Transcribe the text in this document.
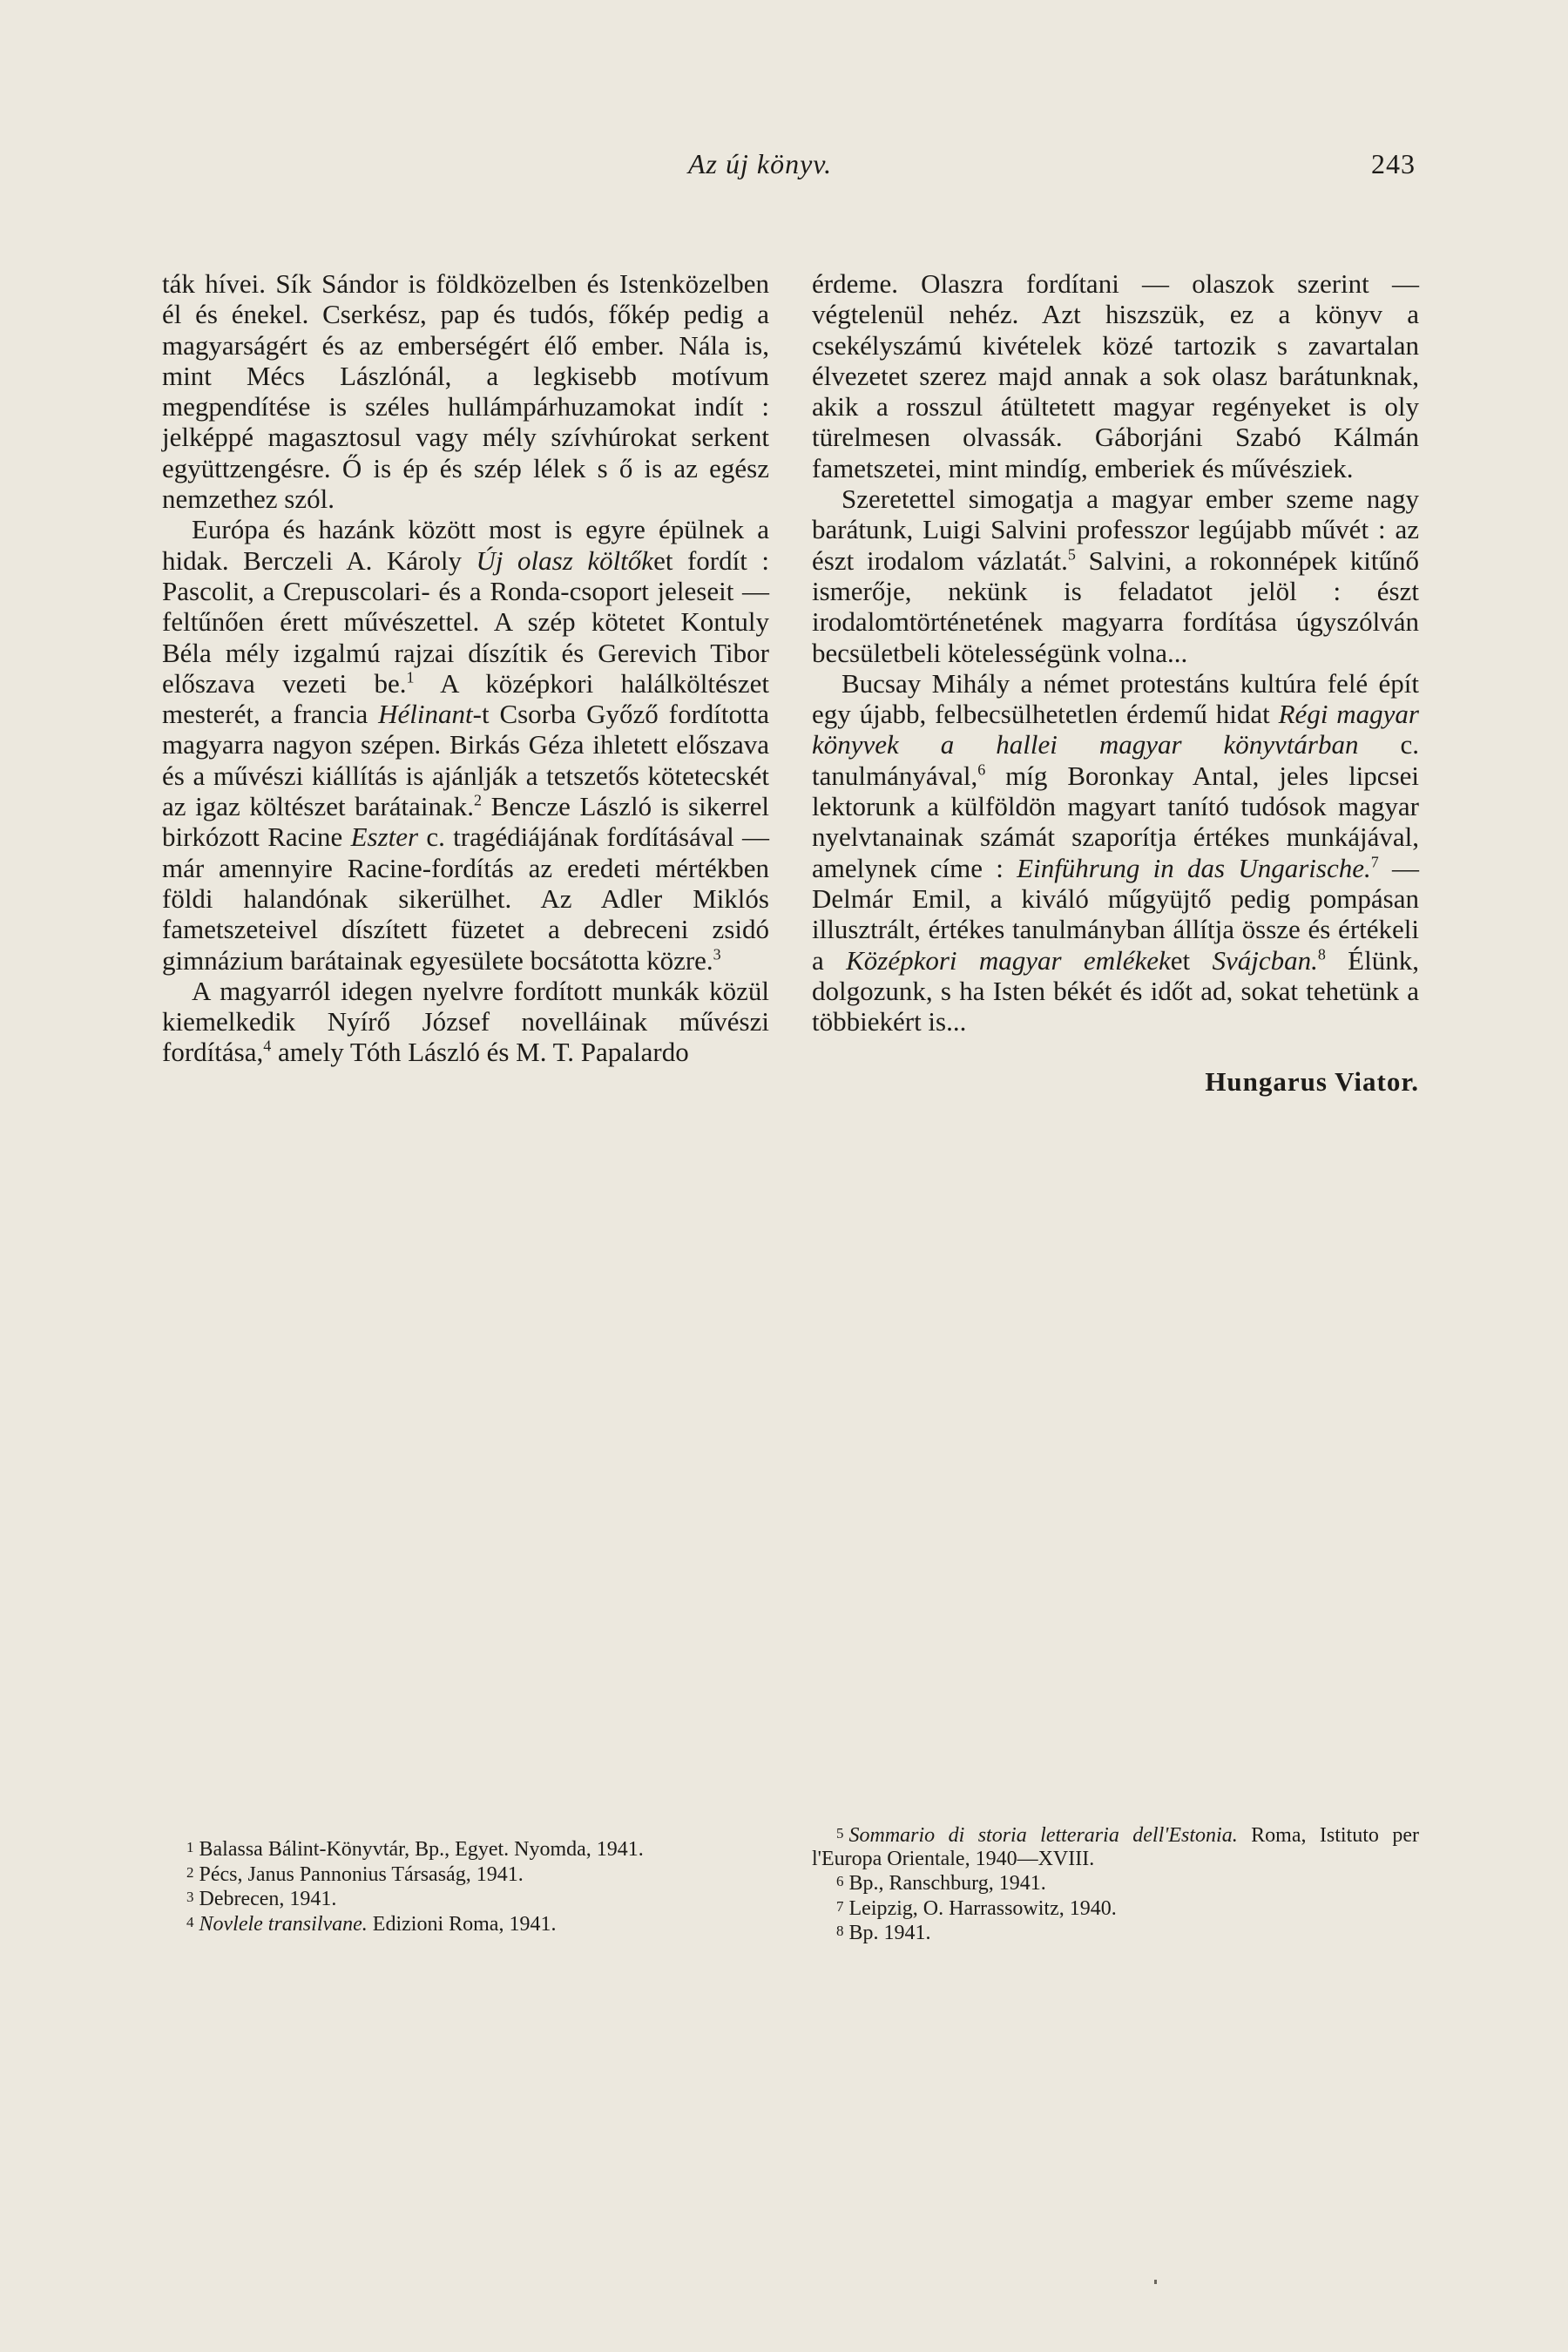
Az új könyv.	243

ták hívei. Sík Sándor is földközelben és Istenközelben él és énekel. Cserkész, pap és tudós, főkép pedig a magyarságért és az emberségért élő ember. Nála is, mint Mécs Lászlónál, a legkisebb motívum megpendítése is széles hullámpárhuzamokat indít : jelképpé magasztosul vagy mély szívhúrokat serkent együttzengésre. Ő is ép és szép lélek s ő is az egész nemzethez szól.

Európa és hazánk között most is egyre épülnek a hidak. Berczeli A. Károly Új olasz költőket fordít : Pascolit, a Crepuscolari- és a Ronda-csoport jeleseit — feltűnően érett művészettel. A szép kötetet Kontuly Béla mély izgalmú rajzai díszítik és Gerevich Tibor előszava vezeti be.$^1$ A középkori halálköltészet mesterét, a francia Hélinant-t Csorba Győző fordította magyarra nagyon szépen. Birkás Géza ihletett előszava és a művészi kiállítás is ajánlják a tetszetős kötetecskét az igaz költészet barátainak.$^2$ Bencze László is sikerrel birkózott Racine Eszter c. tragédiájának fordításával — már amennyire Racine-fordítás az eredeti mértékben földi halandónak sikerülhet. Az Adler Miklós fametszeteivel díszített füzetet a debreceni zsidó gimnázium barátainak egyesülete bocsátotta közre.$^3$

A magyarról idegen nyelvre fordított munkák közül kiemelkedik Nyírő József novelláinak művészi fordítása,$^4$ amely Tóth László és M. T. Papalardo

érdeme. Olaszra fordítani — olaszok szerint — végtelenül nehéz. Azt hiszszük, ez a könyv a csekélyszámú kivételek közé tartozik s zavartalan élvezetet szerez majd annak a sok olasz barátunknak, akik a rosszul átültetett magyar regényeket is oly türelmesen olvassák. Gáborjáni Szabó Kálmán fametszetei, mint mindíg, emberiek és művésziek.

Szeretettel simogatja a magyar ember szeme nagy barátunk, Luigi Salvini professzor legújabb művét : az észt irodalom vázlatát.$^5$ Salvini, a rokonnépek kitűnő ismerője, nekünk is feladatot jelöl : észt irodalomtörténetének magyarra fordítása úgyszólván becsületbeli kötelességünk volna...

Bucsay Mihály a német protestáns kultúra felé épít egy újabb, felbecsülhetetlen érdemű hidat Régi magyar könyvek a hallei magyar könyvtárban c. tanulmányával,$^6$ míg Boronkay Antal, jeles lipcsei lektorunk a külföldön magyart tanító tudósok magyar nyelvtanainak számát szaporítja értékes munkájával, amelynek címe : Einführung in das Ungarische.$^7$ — Delmár Emil, a kiváló műgyüjtő pedig pompásan illusztrált, értékes tanulmányban állítja össze és értékeli a Középkori magyar emlékeket Svájcban.$^8$ Élünk, dolgozunk, s ha Isten békét és időt ad, sokat tehetünk a többiekért is...

Hungarus Viator.

1 Balassa Bálint-Könyvtár, Bp., Egyet. Nyomda, 1941.

2 Pécs, Janus Pannonius Társaság, 1941.

3 Debrecen, 1941.

4 Novlele transilvane. Edizioni Roma, 1941.

5 Sommario di storia letteraria dell'Estonia. Roma, Istituto per l'Europa Orientale, 1940—XVIII.

6 Bp., Ranschburg, 1941.

7 Leipzig, O. Harrassowitz, 1940.

8 Bp. 1941.
